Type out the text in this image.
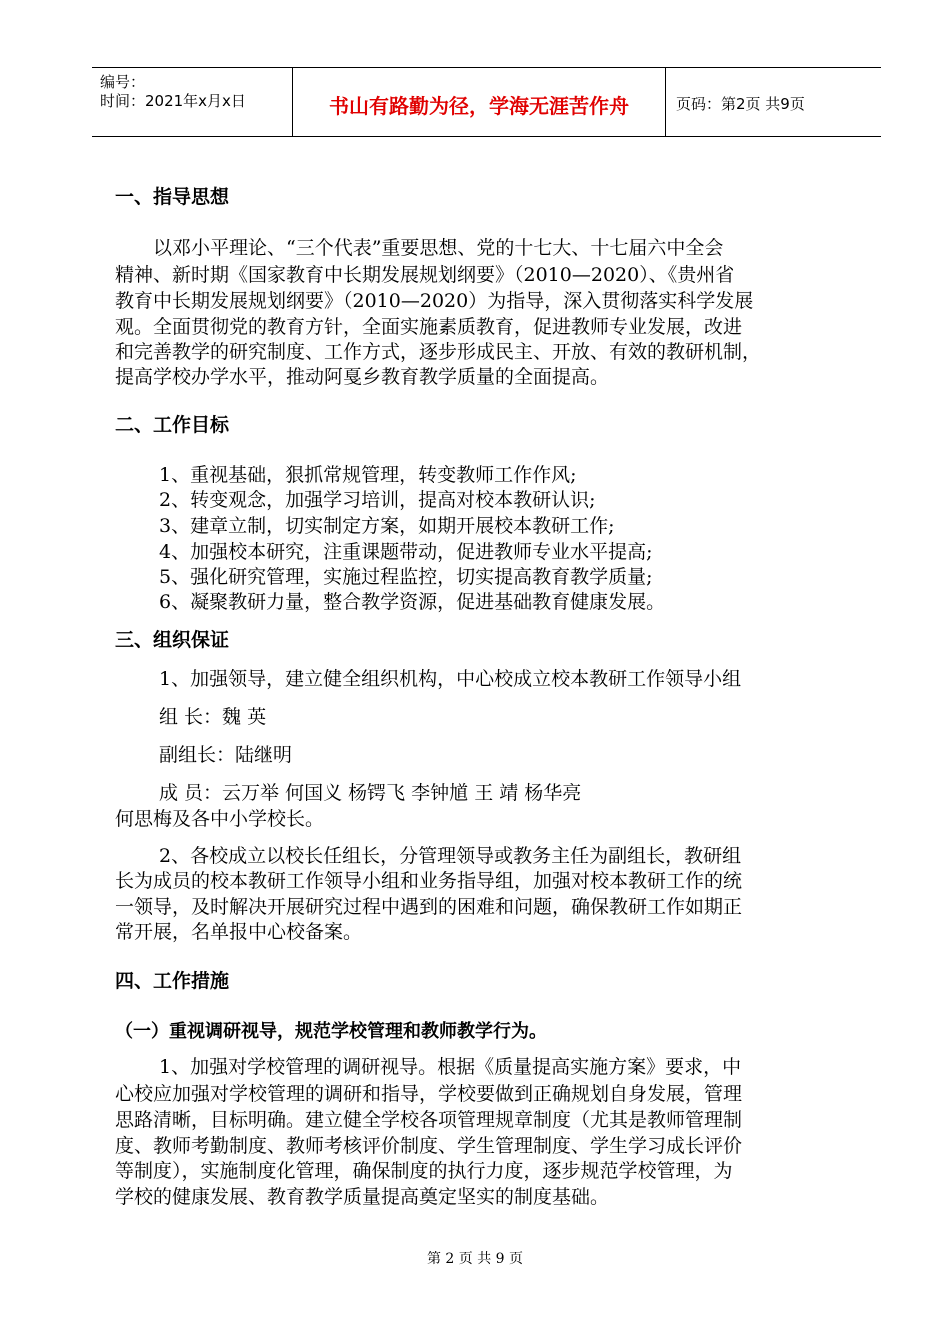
编号：
时间：2021年x月x日	书山有路勤为径，学海无涯苦作舟	页码：第2页 共9页
一、指导思想
以邓小平理论、“三个代表”重要思想、党的十七大、十七届六中全会
精神、新时期《国家教育中长期发展规划纲要》（2010—2020）、《贵州省
教育中长期发展规划纲要》（2010—2020）为指导，深入贯彻落实科学发展
观。全面贯彻党的教育方针，全面实施素质教育，促进教师专业发展，改进
和完善教学的研究制度、工作方式，逐步形成民主、开放、有效的教研机制，
提高学校办学水平，推动阿戛乡教育教学质量的全面提高。
二、工作目标
1、重视基础，狠抓常规管理，转变教师工作作风;
2、转变观念，加强学习培训，提高对校本教研认识;
3、建章立制，切实制定方案，如期开展校本教研工作;
4、加强校本研究，注重课题带动，促进教师专业水平提高;
5、强化研究管理，实施过程监控，切实提高教育教学质量;
6、凝聚教研力量，整合教学资源，促进基础教育健康发展。
三、组织保证
1、加强领导，建立健全组织机构，中心校成立校本教研工作领导小组
组 长：魏 英
副组长：陆继明
成 员：云万举 何国义 杨锷飞 李钟馗 王 靖 杨华亮
何思梅及各中小学校长。
2、各校成立以校长任组长，分管理领导或教务主任为副组长，教研组
长为成员的校本教研工作领导小组和业务指导组，加强对校本教研工作的统
一领导，及时解决开展研究过程中遇到的困难和问题，确保教研工作如期正
常开展，名单报中心校备案。
四、工作措施
（一）重视调研视导，规范学校管理和教师教学行为。
1、加强对学校管理的调研视导。根据《质量提高实施方案》要求，中
心校应加强对学校管理的调研和指导，学校要做到正确规划自身发展，管理
思路清晰，目标明确。建立健全学校各项管理规章制度（尤其是教师管理制
度、教师考勤制度、教师考核评价制度、学生管理制度、学生学习成长评价
等制度），实施制度化管理，确保制度的执行力度，逐步规范学校管理，为
学校的健康发展、教育教学质量提高奠定坚实的制度基础。
第 2 页 共 9 页
